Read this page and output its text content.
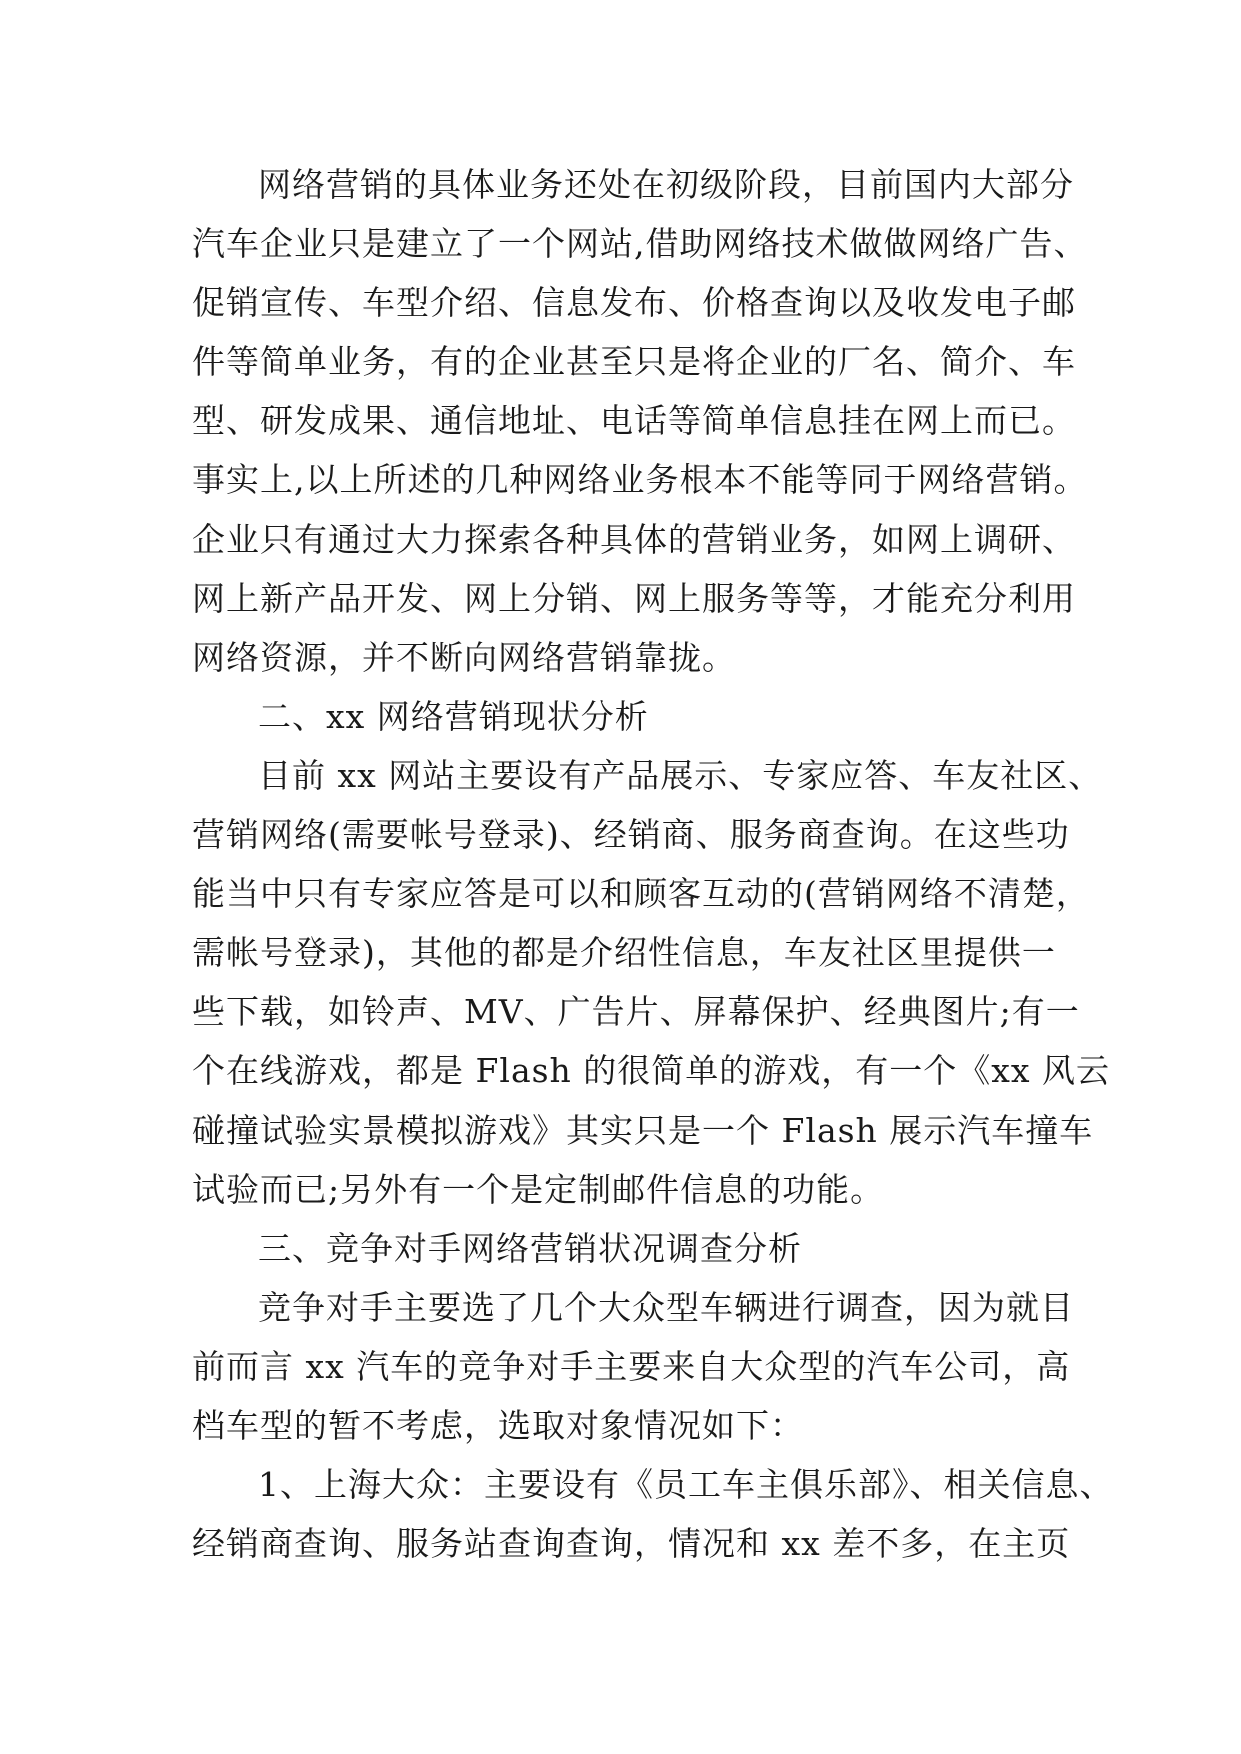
网络营销的具体业务还处在初级阶段，目前国内大部分
汽车企业只是建立了一个网站,借助网络技术做做网络广告、
促销宣传、车型介绍、信息发布、价格查询以及收发电子邮
件等简单业务，有的企业甚至只是将企业的厂名、简介、车
型、研发成果、通信地址、电话等简单信息挂在网上而已。
事实上,以上所述的几种网络业务根本不能等同于网络营销。
企业只有通过大力探索各种具体的营销业务，如网上调研、
网上新产品开发、网上分销、网上服务等等，才能充分利用
网络资源，并不断向网络营销靠拢。
二、xx 网络营销现状分析
目前 xx 网站主要设有产品展示、专家应答、车友社区、
营销网络(需要帐号登录)、经销商、服务商查询。在这些功
能当中只有专家应答是可以和顾客互动的(营销网络不清楚，
需帐号登录)，其他的都是介绍性信息，车友社区里提供一
些下载，如铃声、MV、广告片、屏幕保护、经典图片;有一
个在线游戏，都是 Flash 的很简单的游戏，有一个《xx 风云
碰撞试验实景模拟游戏》其实只是一个 Flash 展示汽车撞车
试验而已;另外有一个是定制邮件信息的功能。
三、竞争对手网络营销状况调查分析
竞争对手主要选了几个大众型车辆进行调查，因为就目
前而言 xx 汽车的竞争对手主要来自大众型的汽车公司，高
档车型的暂不考虑，选取对象情况如下：
1、上海大众：主要设有《员工车主俱乐部》、相关信息、
经销商查询、服务站查询查询，情况和 xx 差不多，在主页
